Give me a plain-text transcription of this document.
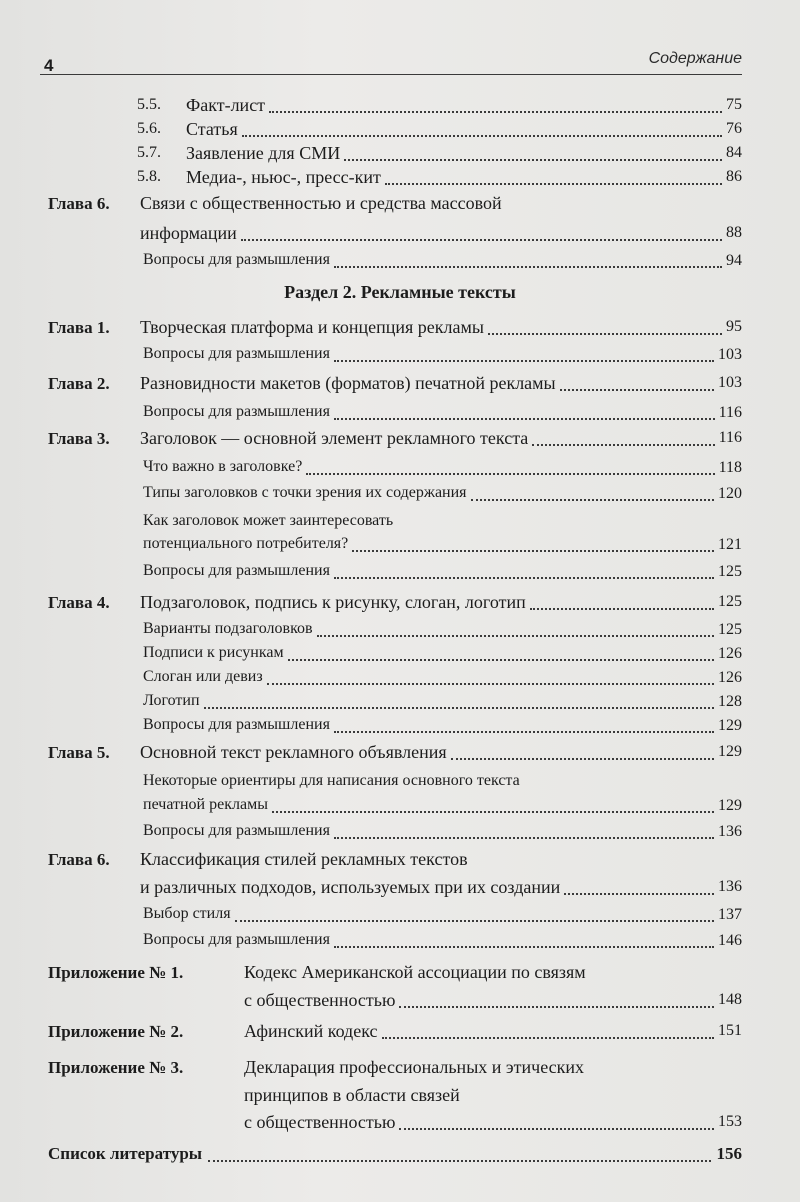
4	Содержание
5.5. Факт-лист	75
5.6. Статья	76
5.7. Заявление для СМИ	84
5.8. Медиа-, ньюс-, пресс-кит	86
Глава 6. Связи с общественностью и средства массовой
информации	88
Вопросы для размышления	94
Раздел 2. Рекламные тексты
Глава 1. Творческая платформа и концепция рекламы	95
Вопросы для размышления	103
Глава 2. Разновидности макетов (форматов) печатной рекламы	103
Вопросы для размышления	116
Глава 3. Заголовок — основной элемент рекламного текста	116
Что важно в заголовке?	118
Типы заголовков с точки зрения их содержания	120
Как заголовок может заинтересовать
потенциального потребителя?	121
Вопросы для размышления	125
Глава 4. Подзаголовок, подпись к рисунку, слоган, логотип	125
Варианты подзаголовков	125
Подписи к рисункам	126
Слоган или девиз	126
Логотип	128
Вопросы для размышления	129
Глава 5. Основной текст рекламного объявления	129
Некоторые ориентиры для написания основного текста
печатной рекламы	129
Вопросы для размышления	136
Глава 6. Классификация стилей рекламных текстов
и различных подходов, используемых при их создании	136
Выбор стиля	137
Вопросы для размышления	146
Приложение № 1.	Кодекс Американской ассоциации по связям
с общественностью	148
Приложение № 2.	Афинский кодекс	151
Приложение № 3.	Декларация профессиональных и этических
принципов в области связей
с общественностью	153
Список литературы	156
